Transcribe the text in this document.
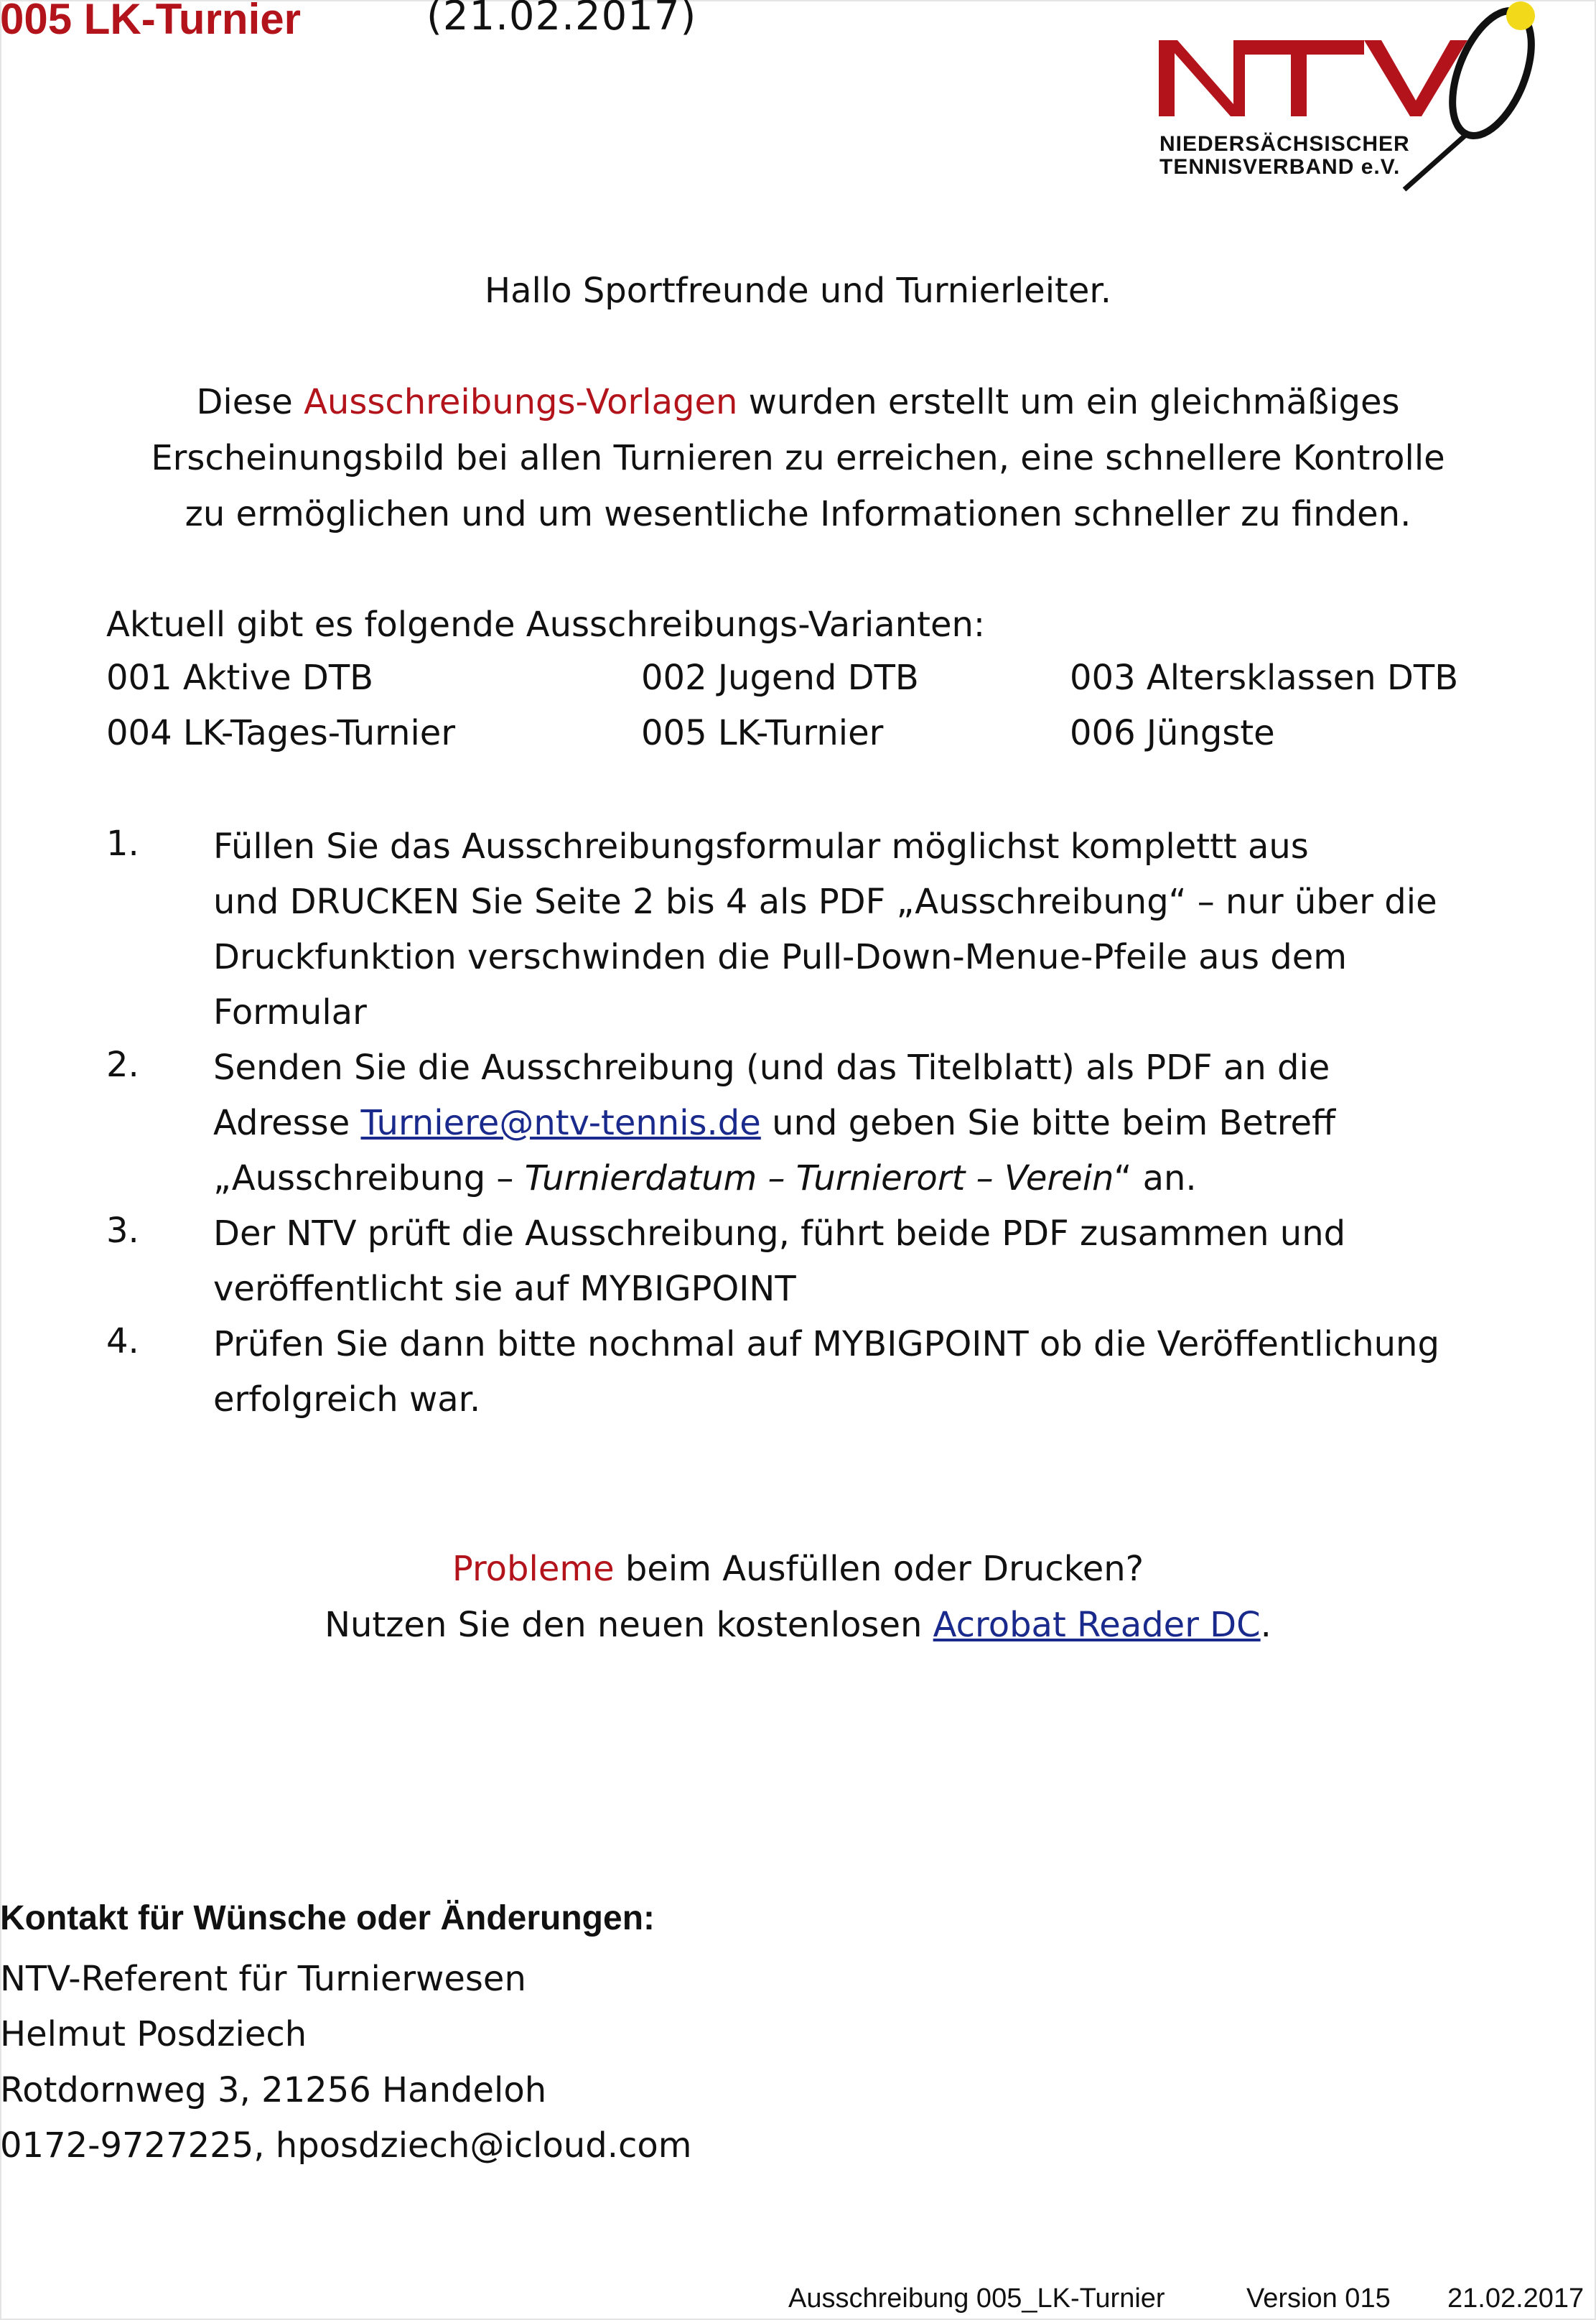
005 LK-Turnier	(21.02.2017)
NIEDERSÄCHSISCHER
TENNISVERBAND e.V.
Hallo Sportfreunde und Turnierleiter.
Diese Ausschreibungs-Vorlagen wurden erstellt um ein gleichmäßiges
Erscheinungsbild bei allen Turnieren zu erreichen, eine schnellere Kontrolle
zu ermöglichen und um wesentliche Informationen schneller zu finden.
Aktuell gibt es folgende Ausschreibungs-Varianten:
001 Aktive DTB	002 Jugend DTB	003 Altersklassen DTB
004 LK-Tages-Turnier	005 LK-Turnier	006 Jüngste
1. Füllen Sie das Ausschreibungsformular möglichst komplettt aus
und DRUCKEN Sie Seite 2 bis 4 als PDF „Ausschreibung“ – nur über die
Druckfunktion verschwinden die Pull-Down-Menue-Pfeile aus dem
Formular
2. Senden Sie die Ausschreibung (und das Titelblatt) als PDF an die
Adresse Turniere@ntv-tennis.de und geben Sie bitte beim Betreff
„Ausschreibung – Turnierdatum – Turnierort – Verein“ an.
3. Der NTV prüft die Ausschreibung, führt beide PDF zusammen und
veröffentlicht sie auf MYBIGPOINT
4. Prüfen Sie dann bitte nochmal auf MYBIGPOINT ob die Veröffentlichung
erfolgreich war.
Probleme beim Ausfüllen oder Drucken?
Nutzen Sie den neuen kostenlosen Acrobat Reader DC.
Kontakt für Wünsche oder Änderungen:
NTV-Referent für Turnierwesen
Helmut Posdziech
Rotdornweg 3, 21256 Handeloh
0172-9727225, hposdziech@icloud.com
Ausschreibung 005_LK-Turnier	Version 015 21.02.2017
